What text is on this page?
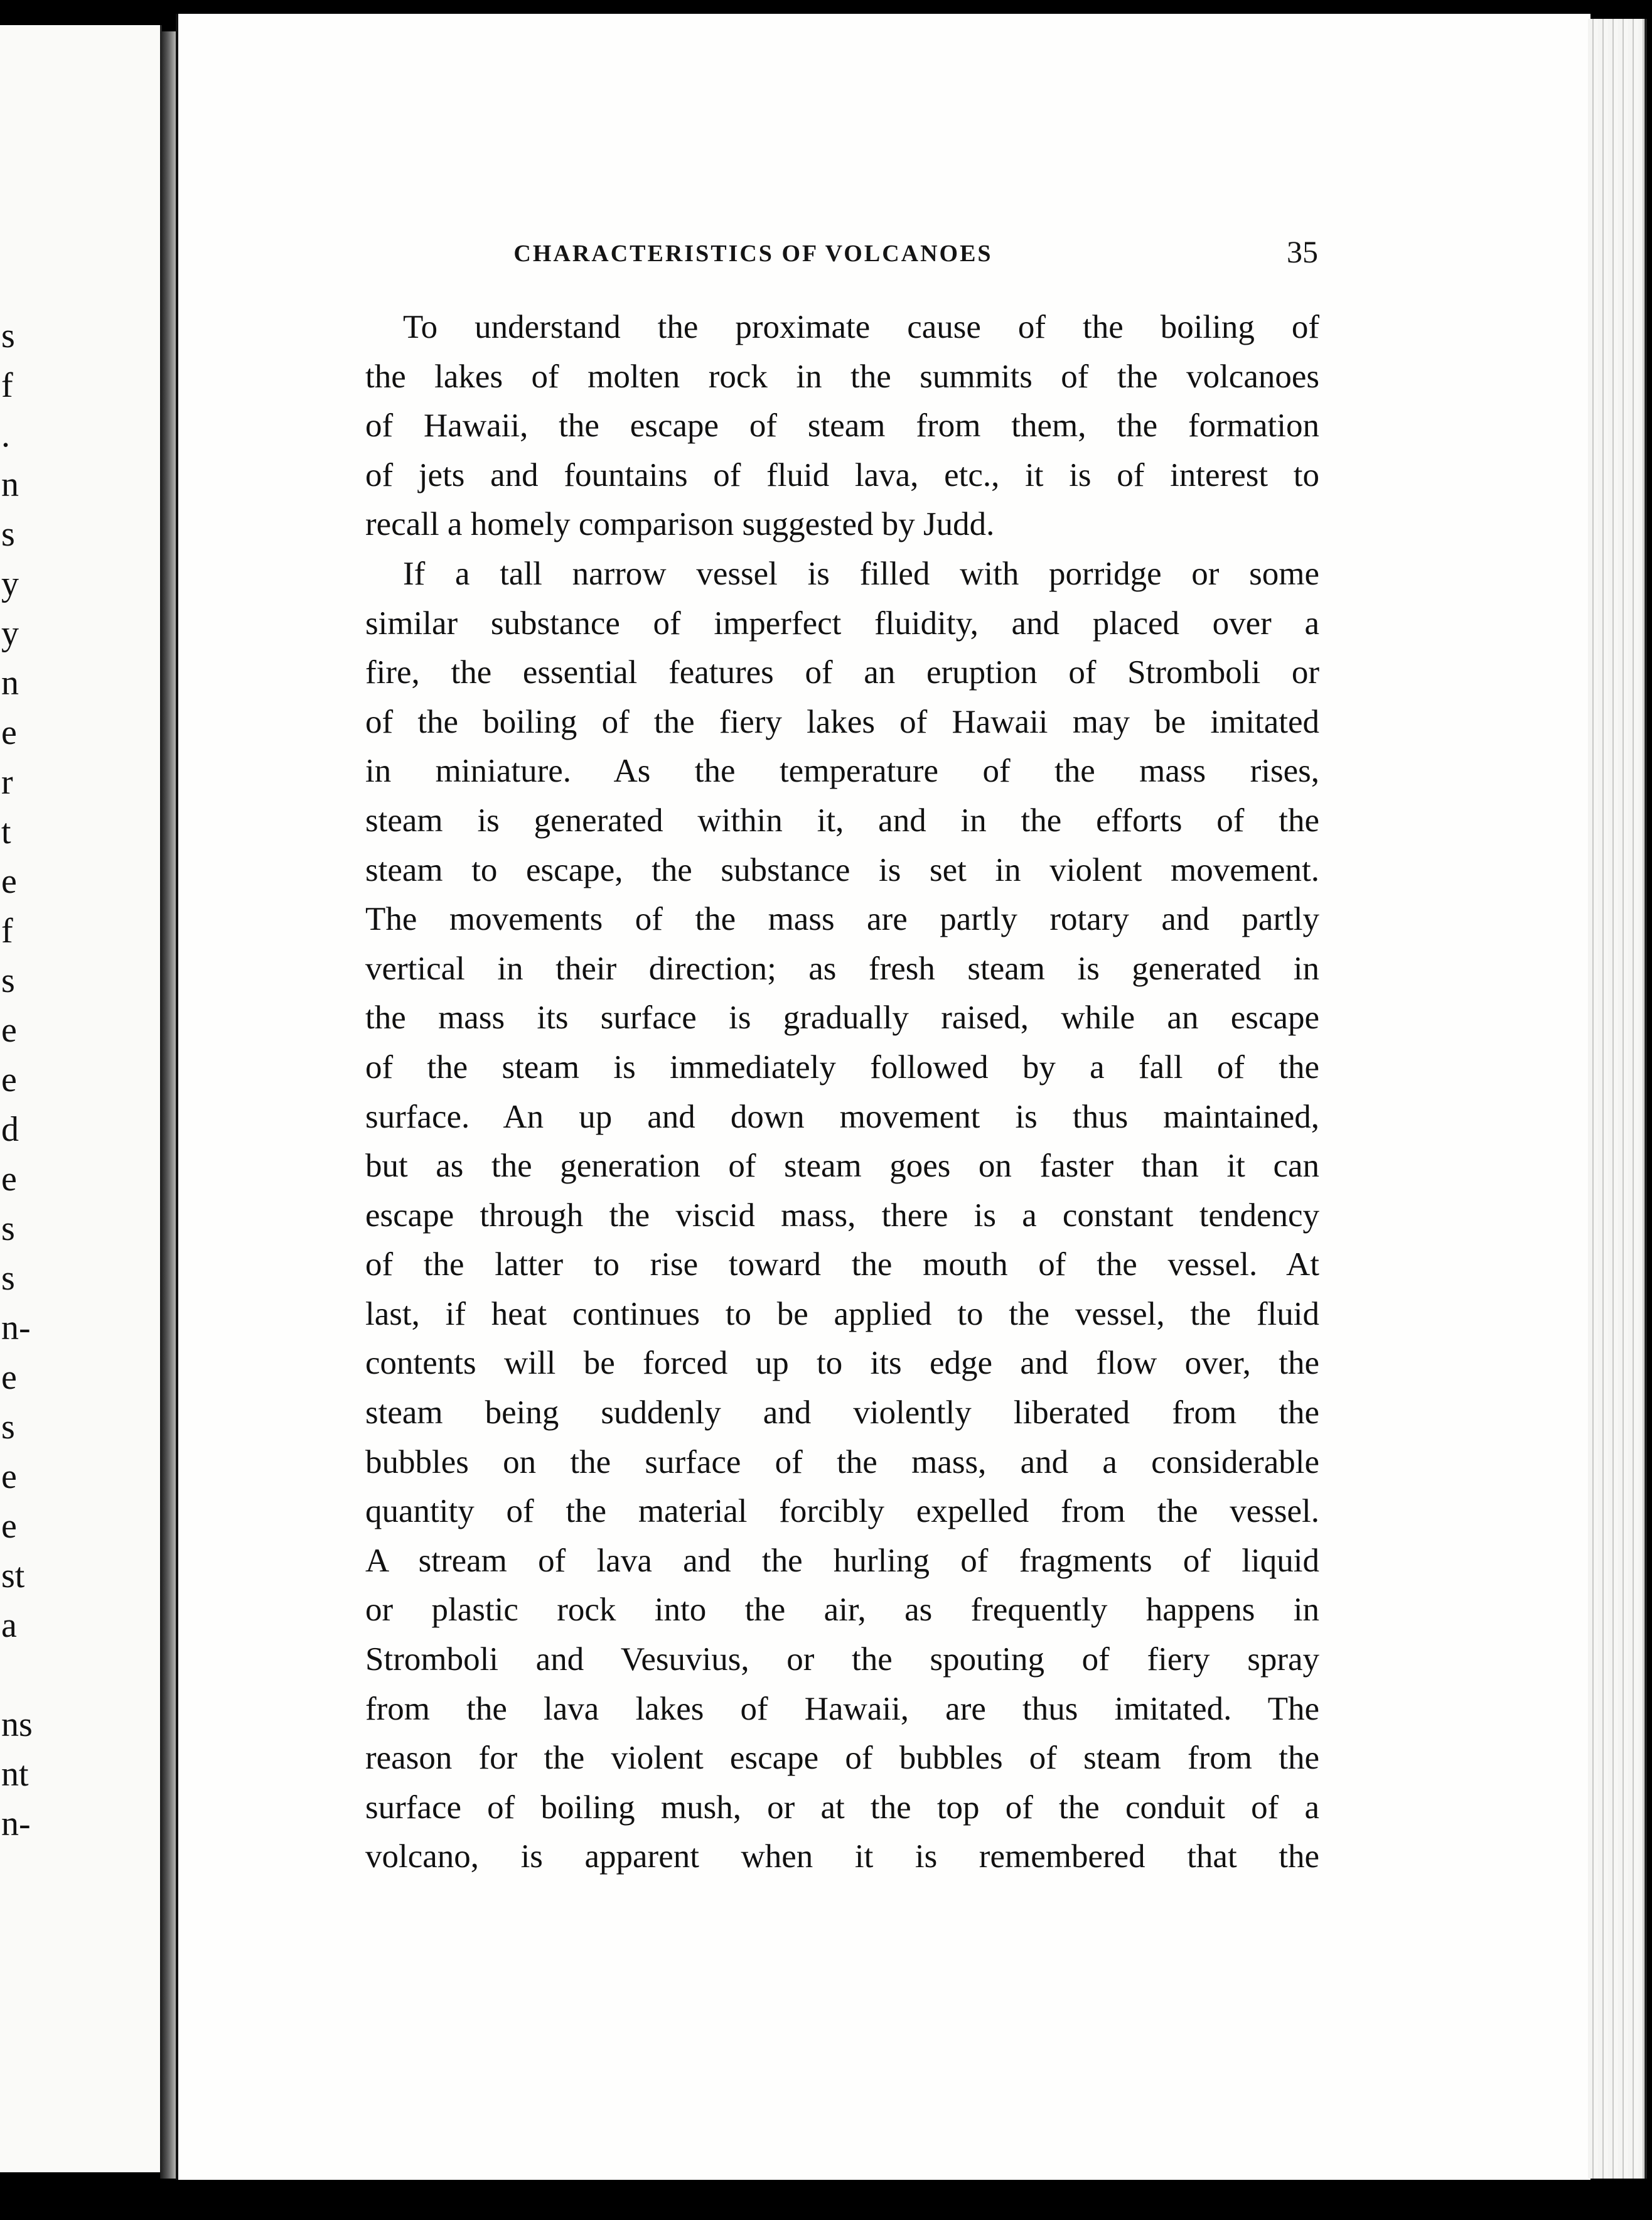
s
f
.
n
s
y
y
n
e
r
t
e
f
s
e
e
d
e
s
s
n-
e
s
e
e
st
a
ns
nt
n-
CHARACTERISTICS OF VOLCANOES	35
To understand the proximate cause of the boiling of
the lakes of molten rock in the summits of the volcanoes
of Hawaii, the escape of steam from them, the formation
of jets and fountains of fluid lava, etc., it is of interest to
recall a homely comparison suggested by Judd.
If a tall narrow vessel is filled with porridge or some
similar substance of imperfect fluidity, and placed over a
fire, the essential features of an eruption of Stromboli or
of the boiling of the fiery lakes of Hawaii may be imitated
in miniature. As the temperature of the mass rises,
steam is generated within it, and in the efforts of the
steam to escape, the substance is set in violent movement.
The movements of the mass are partly rotary and partly
vertical in their direction; as fresh steam is generated in
the mass its surface is gradually raised, while an escape
of the steam is immediately followed by a fall of the
surface. An up and down movement is thus maintained,
but as the generation of steam goes on faster than it can
escape through the viscid mass, there is a constant tendency
of the latter to rise toward the mouth of the vessel. At
last, if heat continues to be applied to the vessel, the fluid
contents will be forced up to its edge and flow over, the
steam being suddenly and violently liberated from the
bubbles on the surface of the mass, and a considerable
quantity of the material forcibly expelled from the vessel.
A stream of lava and the hurling of fragments of liquid
or plastic rock into the air, as frequently happens in
Stromboli and Vesuvius, or the spouting of fiery spray
from the lava lakes of Hawaii, are thus imitated. The
reason for the violent escape of bubbles of steam from the
surface of boiling mush, or at the top of the conduit of a
volcano, is apparent when it is remembered that the
